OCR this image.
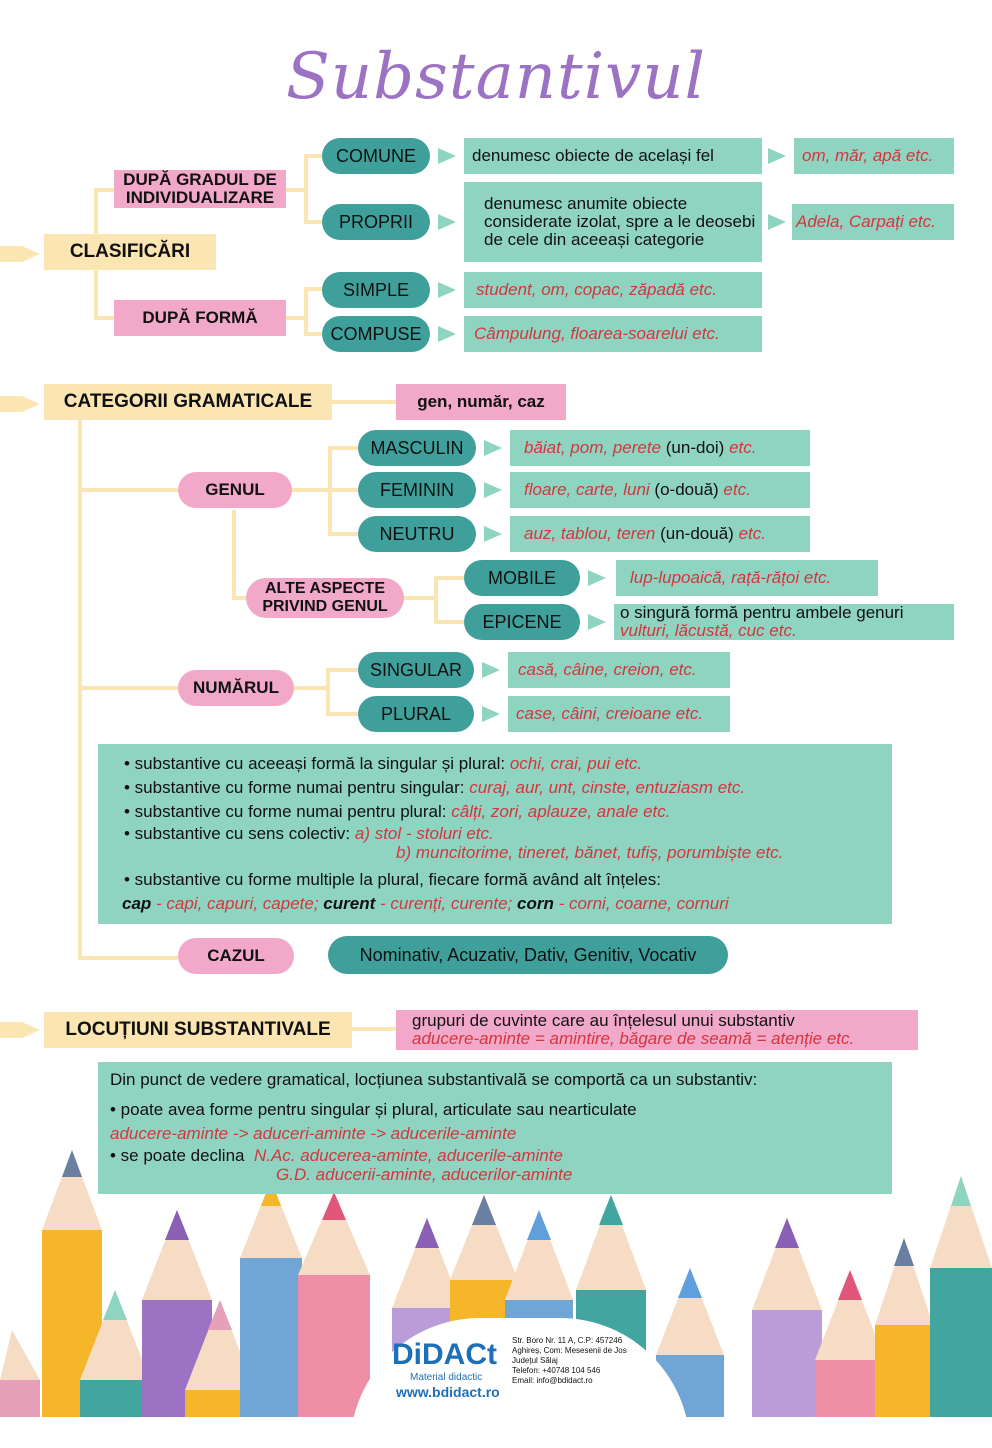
Substantivul
CLASIFICĂRI
DUPĂ GRADUL DE INDIVIDUALIZARE
DUPĂ FORMĂ
COMUNE	denumesc obiecte de același fel	om, măr, apă etc.
PROPRII
denumesc anumite obiecte considerate izolat, spre a le deosebi de cele din aceeași categorie
Adela, Carpați etc.
SIMPLE	student, om, copac, zăpadă etc.
COMPUSE	Câmpulung, floarea-soarelui etc.
CATEGORII GRAMATICALE	gen, număr, caz
GENUL
MASCULIN	băiat, pom, perete
(un-doi)
etc.
FEMININ	floare, carte, luni
(o-două)
etc.
NEUTRU	auz, tablou, teren
(un-două)
etc.
ALTE ASPECTE PRIVIND GENUL
MOBILE	lup-lupoaică, rață-rățoi etc.
EPICENE	o singură formă pentru ambele genuri
vulturi, lăcustă, cuc etc.
NUMĂRUL
SINGULAR	casă, câine, creion, etc.
PLURAL	case, câini, creioane etc.
• substantive cu aceeași formă la singular și plural: ochi, crai, pui etc.
• substantive cu forme numai pentru singular: curaj, aur, unt, cinste, entuziasm etc.
• substantive cu forme numai pentru plural: câlți, zori, aplauze, anale etc.
• substantive cu sens colectiv: a) stol - stoluri etc.
b) muncitorime, tineret, bănet, tufiș, porumbiște etc.
• substantive cu forme multiple la plural, fiecare formă având alt înțeles:
cap - capi, capuri, capete; curent - curenți, curente; corn - corni, coarne, cornuri
CAZUL	Nominativ, Acuzativ, Dativ, Genitiv, Vocativ
LOCUȚIUNI SUBSTANTIVALE	grupuri de cuvinte care au înțelesul unui substantiv
aducere-aminte = amintire, băgare de seamă = atenție etc.
Din punct de vedere gramatical, locțiunea substantivală se comportă ca un substantiv:
• poate avea forme pentru singular și plural, articulate sau nearticulate
aducere-aminte -> aduceri-aminte -> aducerile-aminte
• se poate declina N.Ac. aducerea-aminte, aducerile-aminte
G.D. aducerii-aminte, aducerilor-aminte
DiDACt
Material didactic
www.bdidact.ro
Str. Boro Nr. 11 A, C.P: 457246
Aghireș, Com: Mesesenii de Jos
Județul Sălaj
Telefon: +40748 104 546
Email: info@bdidact.ro
